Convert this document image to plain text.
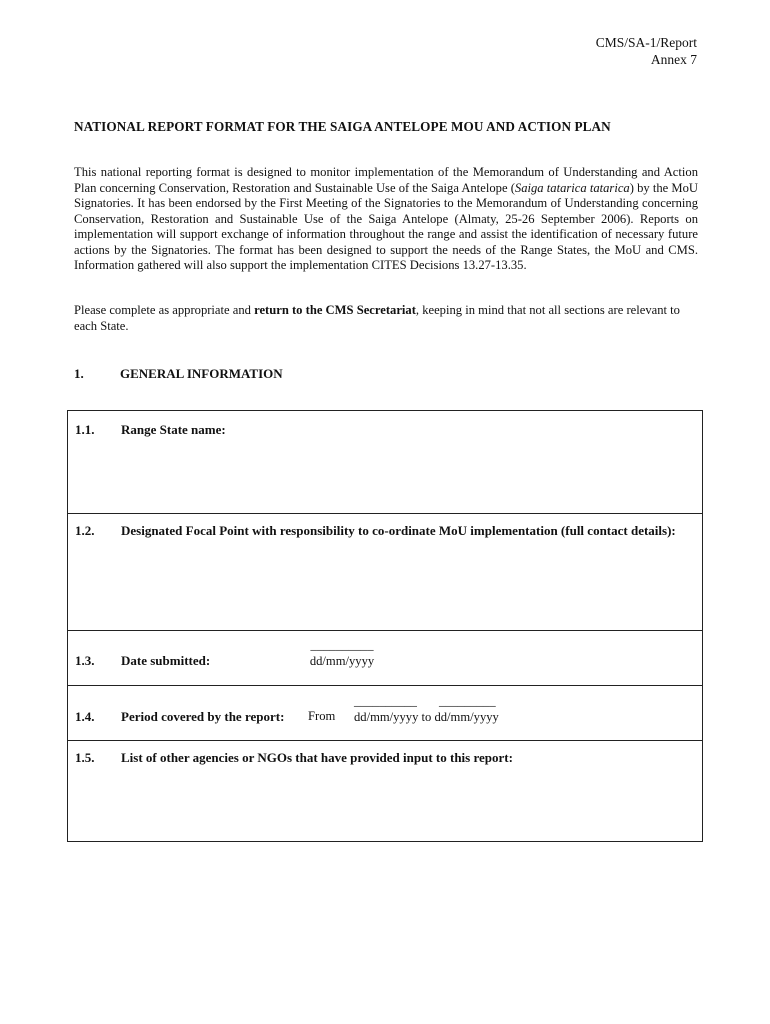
CMS/SA-1/Report
Annex 7
NATIONAL REPORT FORMAT FOR THE SAIGA ANTELOPE MOU AND ACTION PLAN
This national reporting format is designed to monitor implementation of the Memorandum of Understanding and Action Plan concerning Conservation, Restoration and Sustainable Use of the Saiga Antelope (Saiga tatarica tatarica) by the MoU Signatories. It has been endorsed by the First Meeting of the Signatories to the Memorandum of Understanding concerning Conservation, Restoration and Sustainable Use of the Saiga Antelope (Almaty, 25-26 September 2006). Reports on implementation will support exchange of information throughout the range and assist the identification of necessary future actions by the Signatories. The format has been designed to support the needs of the Range States, the MoU and CMS. Information gathered will also support the implementation CITES Decisions 13.27-13.35.
Please complete as appropriate and return to the CMS Secretariat, keeping in mind that not all sections are relevant to each State.
1.	GENERAL INFORMATION
1.1. Range State name:
1.2. Designated Focal Point with responsibility to co-ordinate MoU implementation (full contact details):
1.3. Date submitted:
__________
dd/mm/yyyy
1.4. Period covered by the report: From
__________ _________
dd/mm/yyyy to dd/mm/yyyy
1.5. List of other agencies or NGOs that have provided input to this report:
